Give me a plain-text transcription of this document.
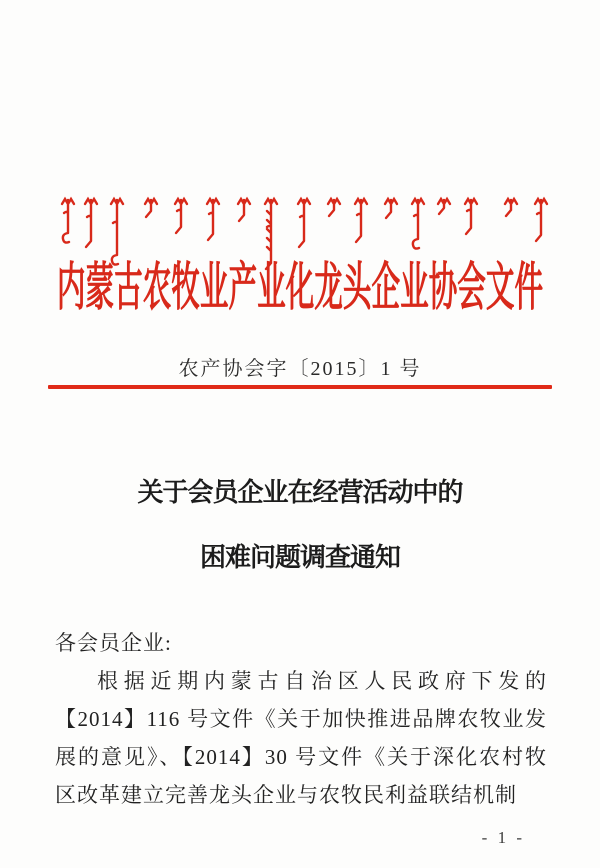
内蒙古农牧业产业化龙头企业协会文件
农产协会字〔2015〕1 号
关于会员企业在经营活动中的
困难问题调查通知

各会员企业:

根据近期内蒙古自治区人民政府下发的【2014】116 号文件《关于加快推进品牌农牧业发展的意见》、【2014】30 号文件《关于深化农村牧区改革建立完善龙头企业与农牧民利益联结机制

- 1 -
